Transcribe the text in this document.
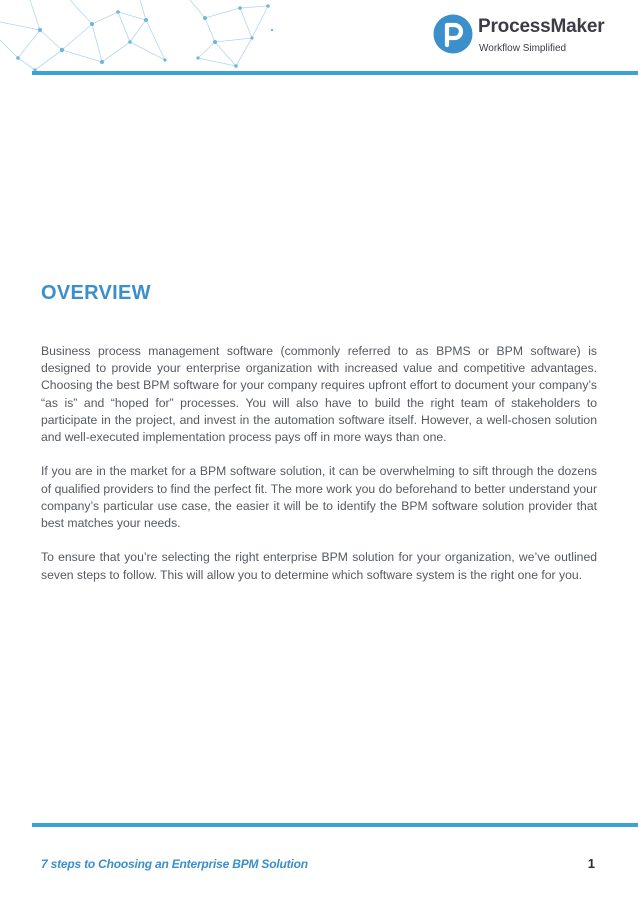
ProcessMaker
Workflow Simplified
OVERVIEW

Business process management software (commonly referred to as BPMS or BPM software) is designed to provide your enterprise organization with increased value and competitive advantages. Choosing the best BPM software for your company requires upfront effort to document your company’s “as is” and “hoped for” processes. You will also have to build the right team of stakeholders to participate in the project, and invest in the automation software itself. However, a well-chosen solution and well-executed implementation process pays off in more ways than one.

If you are in the market for a BPM software solution, it can be overwhelming to sift through the dozens of qualified providers to find the perfect fit. The more work you do beforehand to better understand your company’s particular use case, the easier it will be to identify the BPM software solution provider that best matches your needs.

To ensure that you’re selecting the right enterprise BPM solution for your organization, we’ve outlined seven steps to follow. This will allow you to determine which software system is the right one for you.

7 steps to Choosing an Enterprise BPM Solution	1
